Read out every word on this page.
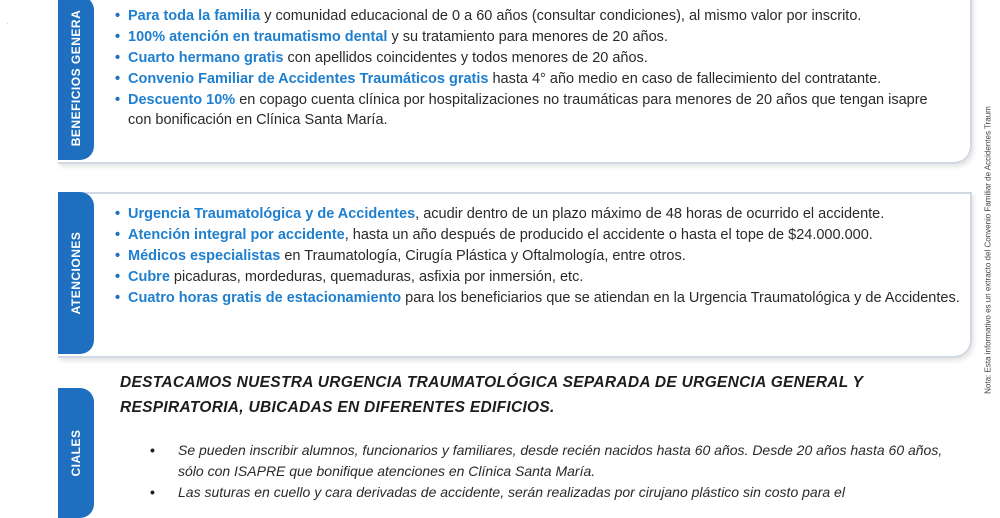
·	BENEFICIOS GENERA • Para toda la familia y comunidad educacional de 0 a 60 años (consultar condiciones), al mismo valor por inscrito.
• 100% atención en traumatismo dental y su tratamiento para menores de 20 años.
• Cuarto hermano gratis con apellidos coincidentes y todos menores de 20 años.
• Convenio Familiar de Accidentes Traumáticos gratis hasta 4° año medio en caso de fallecimiento del contratante.
• Descuento 10% en copago cuenta clínica por hospitalizaciones no traumáticas para menores de 20 años que tengan isapre con bonificación en Clínica Santa María.
ATENCIONES
• Urgencia Traumatológica y de Accidentes, acudir dentro de un plazo máximo de 48 horas de ocurrido el accidente.
• Atención integral por accidente, hasta un año después de producido el accidente o hasta el tope de $24.000.000.
• Médicos especialistas en Traumatología, Cirugía Plástica y Oftalmología, entre otros.
• Cubre picaduras, mordeduras, quemaduras, asfixia por inmersión, etc.
• Cuatro horas gratis de estacionamiento para los beneficiarios que se atiendan en la Urgencia Traumatológica y de Accidentes.
CIALES
DESTACAMOS NUESTRA URGENCIA TRAUMATOLÓGICA SEPARADA DE URGENCIA GENERAL Y RESPIRATORIA, UBICADAS EN DIFERENTES EDIFICIOS.
• Se pueden inscribir alumnos, funcionarios y familiares, desde recién nacidos hasta 60 años. Desde 20 años hasta 60 años, sólo con ISAPRE que bonifique atenciones en Clínica Santa María.
• Las suturas en cuello y cara derivadas de accidente, serán realizadas por cirujano plástico sin costo para el
Nota: Esta informativo es un extracto del Convenio Familiar de Accidentes Traum
